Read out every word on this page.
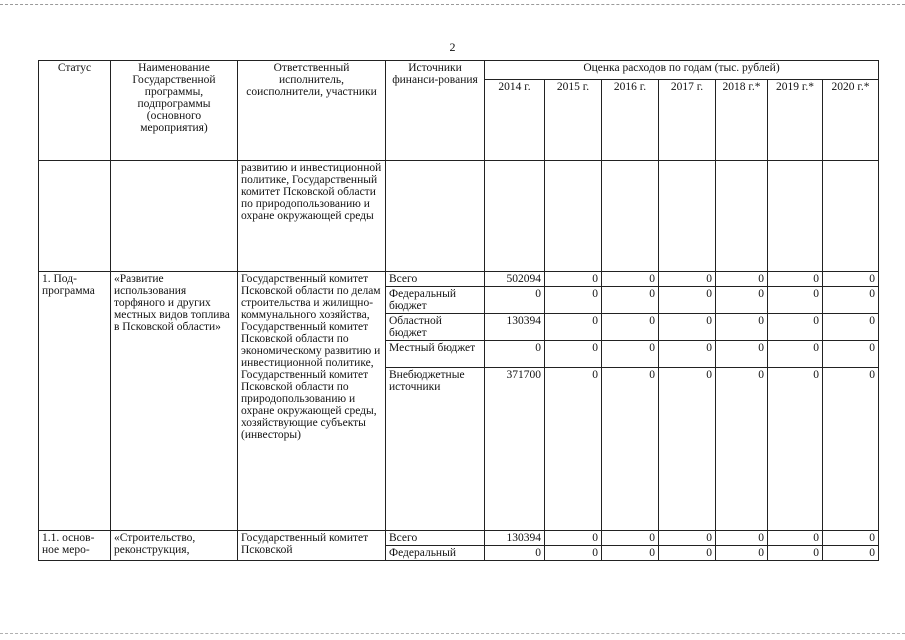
2
Статус	Наименование Государственной программы, подпрограммы (основного мероприятия)	Ответственный исполнитель, соисполнители, участники	Источники финанси-рования	Оценка расходов по годам (тыс. рублей)						
				2014 г.	2015 г.	2016 г.	2017 г.	2018 г.*	2019 г.*	2020 г.*
		развитию и инвестиционной политике, Государственный комитет Псковской области по природопользованию и охране окружающей среды								
1. Под-программа	«Развитие использования торфяного и других местных видов топлива в Псковской области»	Государственный комитет Псковской области по делам строительства и жилищно-коммунального хозяйства, Государственный комитет Псковской области по экономическому развитию и инвестиционной политике, Государственный комитет Псковской области по природопользованию и охране окружающей среды, хозяйствующие субъекты (инвесторы)	Всего	502094	0	0	0	0	0	0
			Федеральный бюджет	0	0	0	0	0	0	0
			Областной бюджет	130394	0	0	0	0	0	0
			Местный бюджет	0	0	0	0	0	0	0
			Внебюджетные источники	371700	0	0	0	0	0	0
1.1. основ-ное меро-	«Строительство, реконструкция,	Государственный комитет Псковской	Всего	130394	0	0	0	0	0	0
			Федеральный	0	0	0	0	0	0	0
